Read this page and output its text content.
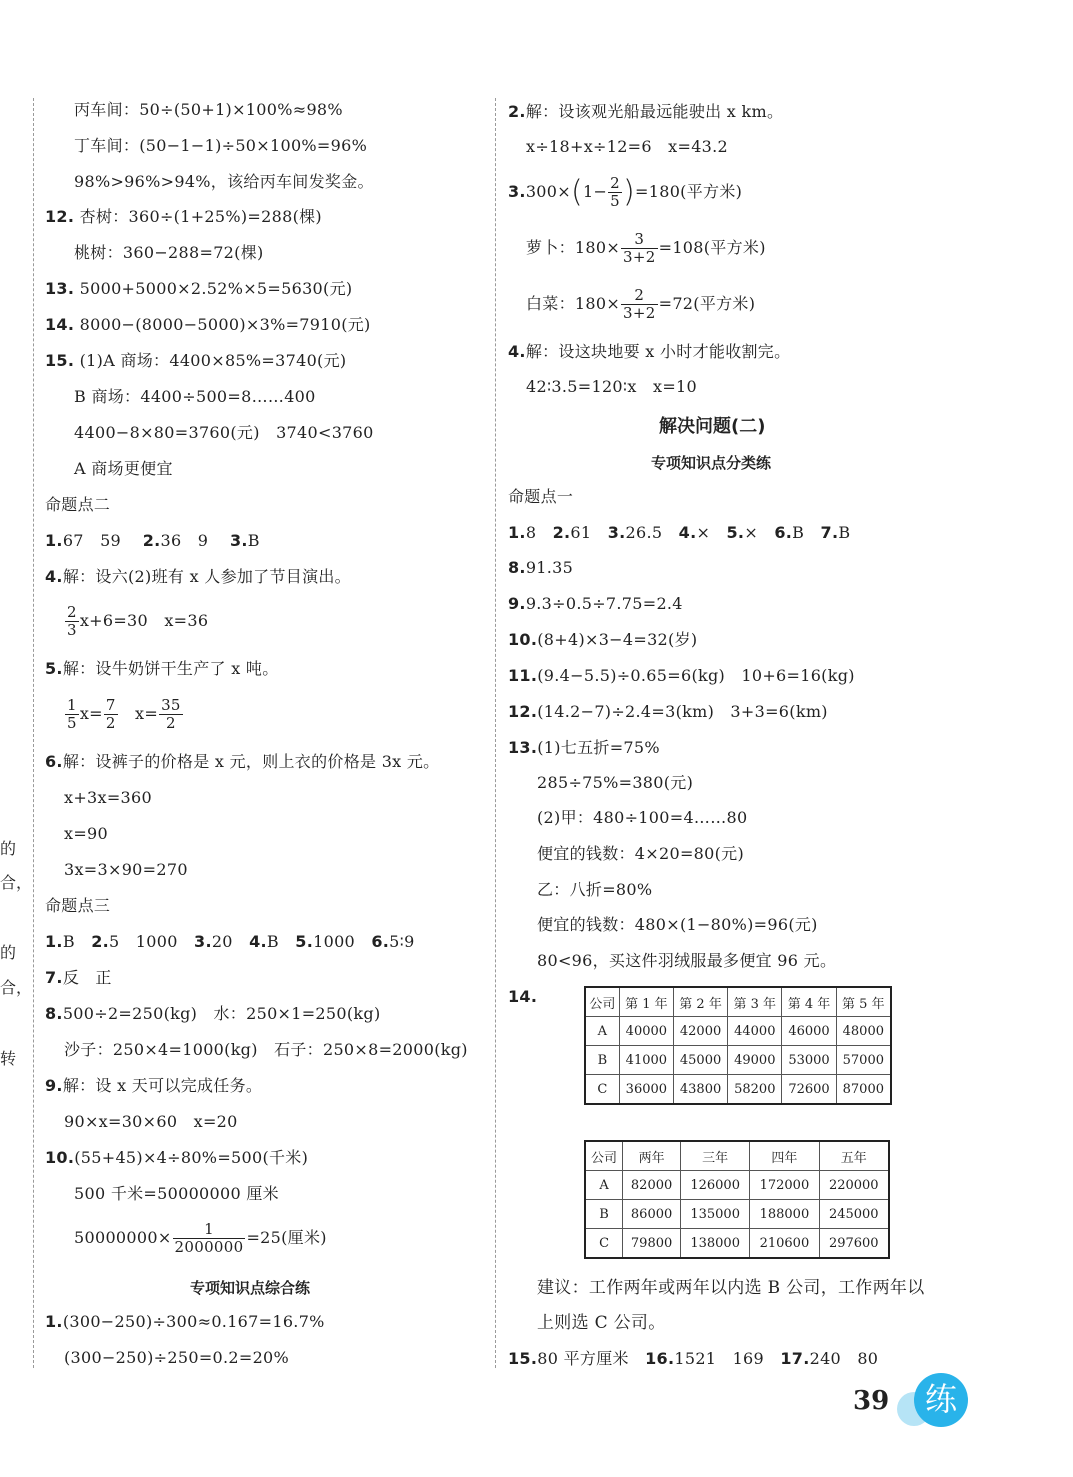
的
合，
的
合，
转
丙车间：50÷(50+1)×100%≈98%
丁车间：(50−1−1)÷50×100%=96%
98%>96%>94%，该给丙车间发奖金。
12. 杏树：360÷(1+25%)=288(棵)
桃树：360−288=72(棵)
13. 5000+5000×2.52%×5=5630(元)
14. 8000−(8000−5000)×3%=7910(元)
15. (1)A 商场：4400×85%=3740(元)
B 商场：4400÷500=8……400
4400−8×80=3760(元)　3740<3760
A 商场更便宜
命题点二
1.67　59　 2.36　9　 3.B
4.解：设六(2)班有 x 人参加了节目演出。
$\frac{2}{3} x+6=30$　x=36
5.解：设牛奶饼干生产了 x 吨。
$\frac{1}{5} x= \frac{7}{2}$
　 $x= \frac{35}{2}$
6.解：设裤子的价格是 x 元，则上衣的价格是 3x 元。
x+3x=360
x=90
3x=3×90=270
命题点三
1.B　 2.5　1000　 3.20　 4.B　 5.1000　 6.5∶9
7.反　正
8.500÷2=250(kg)　水：250×1=250(kg)
沙子：250×4=1000(kg)　石子：250×8=2000(kg)
9.解：设 x 天可以完成任务。
90×x=30×60　x=20
10.(55+45)×4÷80%=500(千米)
500 千米=50000000 厘米
$50000000\times \frac{1}{2000000} =25$(厘米)
专项知识点综合练
1.(300−250)÷300≈0.167=16.7%
(300−250)÷250=0.2=20%
2.解：设该观光船最远能驶出 x km。
x÷18+x÷12=6　x=43.2
$3.300\times(1- \frac{2}{5} )=180$(平方米)
萝卜：$180\times \frac{3}{3+2} =108$(平方米)
白菜：$180\times \frac{2}{3+2} =72$(平方米)
4.解：设这块地要 x 小时才能收割完。
42∶3.5=120∶x　x=10
解决问题(二)
专项知识点分类练
命题点一
1.8　 2.61　 3.26.5　 4.×　 5.×　 6.B　 7.B
8.91.35
9.9.3÷0.5÷7.75=2.4
10.(8+4)×3−4=32(岁)
11.(9.4−5.5)÷0.65=6(kg)　10+6=16(kg)
12.(14.2−7)÷2.4=3(km)　3+3=6(km)
13.(1)七五折=75%
285÷75%=380(元)
(2)甲：480÷100=4……80
便宜的钱数：4×20=80(元)
乙：八折=80%
便宜的钱数：480×(1−80%)=96(元)
80<96，买这件羽绒服最多便宜 96 元。
14.	公司	第 1 年	第 2 年	第 3 年	第 4 年	第 5 年
A	40000	42000	44000	46000	48000
B	41000	45000	49000	53000	57000
C	36000	43800	58200	72600	87000
公司	两年	三年	四年	五年
A	82000	126000	172000	220000
B	86000	135000	188000	245000
C	79800	138000	210600	297600
建议：工作两年或两年以内选 B 公司，工作两年以
上则选 C 公司。
15.80 平方厘米　 16.1521　169　 17.240　80
39	练
